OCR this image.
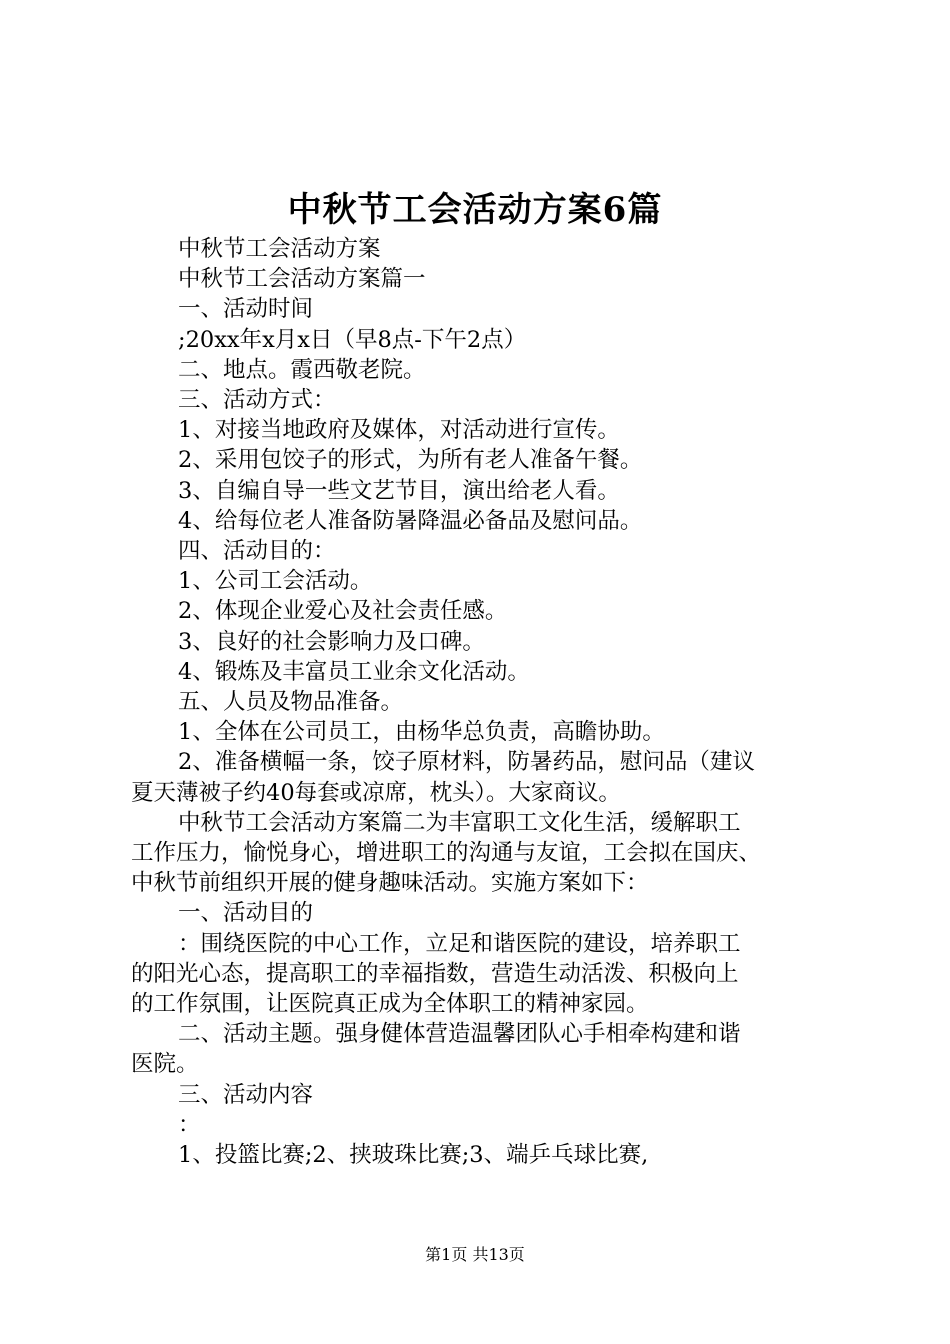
中秋节工会活动方案6篇

中秋节工会活动方案

中秋节工会活动方案篇一

一、活动时间

;20xx年x月x日（早8点-下午2点）

二、地点。霞西敬老院。

三、活动方式：

1、对接当地政府及媒体，对活动进行宣传。

2、采用包饺子的形式，为所有老人准备午餐。

3、自编自导一些文艺节目，演出给老人看。

4、给每位老人准备防暑降温必备品及慰问品。

四、活动目的：

1、公司工会活动。

2、体现企业爱心及社会责任感。

3、良好的社会影响力及口碑。

4、锻炼及丰富员工业余文化活动。

五、人员及物品准备。

1、全体在公司员工，由杨华总负责，高瞻协助。

2、准备横幅一条，饺子原材料，防暑药品，慰问品（建议

夏天薄被子约40每套或凉席，枕头）。大家商议。

中秋节工会活动方案篇二为丰富职工文化生活，缓解职工

工作压力，愉悦身心，增进职工的沟通与友谊，工会拟在国庆、

中秋节前组织开展的健身趣味活动。实施方案如下：

一、活动目的

：围绕医院的中心工作，立足和谐医院的建设，培养职工

的阳光心态，提高职工的幸福指数，营造生动活泼、积极向上

的工作氛围，让医院真正成为全体职工的精神家园。

二、活动主题。强身健体营造温馨团队心手相牵构建和谐

医院。

三、活动内容

：

1、投篮比赛;2、挟玻珠比赛;3、端乒乓球比赛,

第1页 共13页
